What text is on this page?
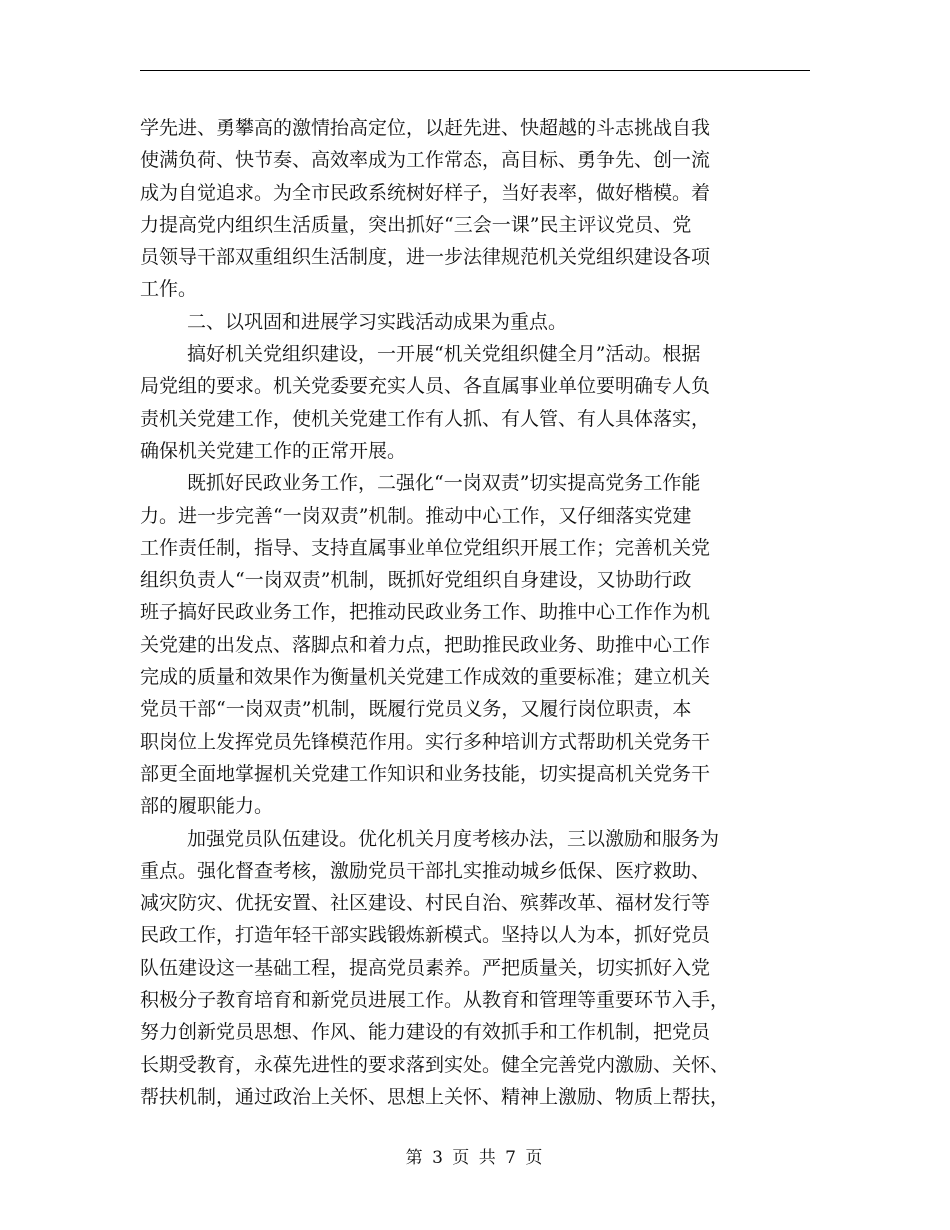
学先进、勇攀高的激情抬高定位，以赶先进、快超越的斗志挑战自我
使满负荷、快节奏、高效率成为工作常态，高目标、勇争先、创一流
成为自觉追求。为全市民政系统树好样子，当好表率，做好楷模。着
力提高党内组织生活质量，突出抓好“三会一课”民主评议党员、党
员领导干部双重组织生活制度，进一步法律规范机关党组织建设各项
工作。
二、以巩固和进展学习实践活动成果为重点。
搞好机关党组织建设，一开展“机关党组织健全月”活动。根据
局党组的要求。机关党委要充实人员、各直属事业单位要明确专人负
责机关党建工作，使机关党建工作有人抓、有人管、有人具体落实，
确保机关党建工作的正常开展。
既抓好民政业务工作，二强化“一岗双责”切实提高党务工作能
力。进一步完善“一岗双责”机制。推动中心工作，又仔细落实党建
工作责任制，指导、支持直属事业单位党组织开展工作；完善机关党
组织负责人“一岗双责”机制，既抓好党组织自身建设，又协助行政
班子搞好民政业务工作，把推动民政业务工作、助推中心工作作为机
关党建的出发点、落脚点和着力点，把助推民政业务、助推中心工作
完成的质量和效果作为衡量机关党建工作成效的重要标准；建立机关
党员干部“一岗双责”机制，既履行党员义务，又履行岗位职责，本
职岗位上发挥党员先锋模范作用。实行多种培训方式帮助机关党务干
部更全面地掌握机关党建工作知识和业务技能，切实提高机关党务干
部的履职能力。
加强党员队伍建设。优化机关月度考核办法，三以激励和服务为
重点。强化督查考核，激励党员干部扎实推动城乡低保、医疗救助、
减灾防灾、优抚安置、社区建设、村民自治、殡葬改革、福材发行等
民政工作，打造年轻干部实践锻炼新模式。坚持以人为本，抓好党员
队伍建设这一基础工程，提高党员素养。严把质量关，切实抓好入党
积极分子教育培育和新党员进展工作。从教育和管理等重要环节入手，
努力创新党员思想、作风、能力建设的有效抓手和工作机制，把党员
长期受教育，永葆先进性的要求落到实处。健全完善党内激励、关怀、
帮扶机制，通过政治上关怀、思想上关怀、精神上激励、物质上帮扶，
第 3 页 共 7 页
